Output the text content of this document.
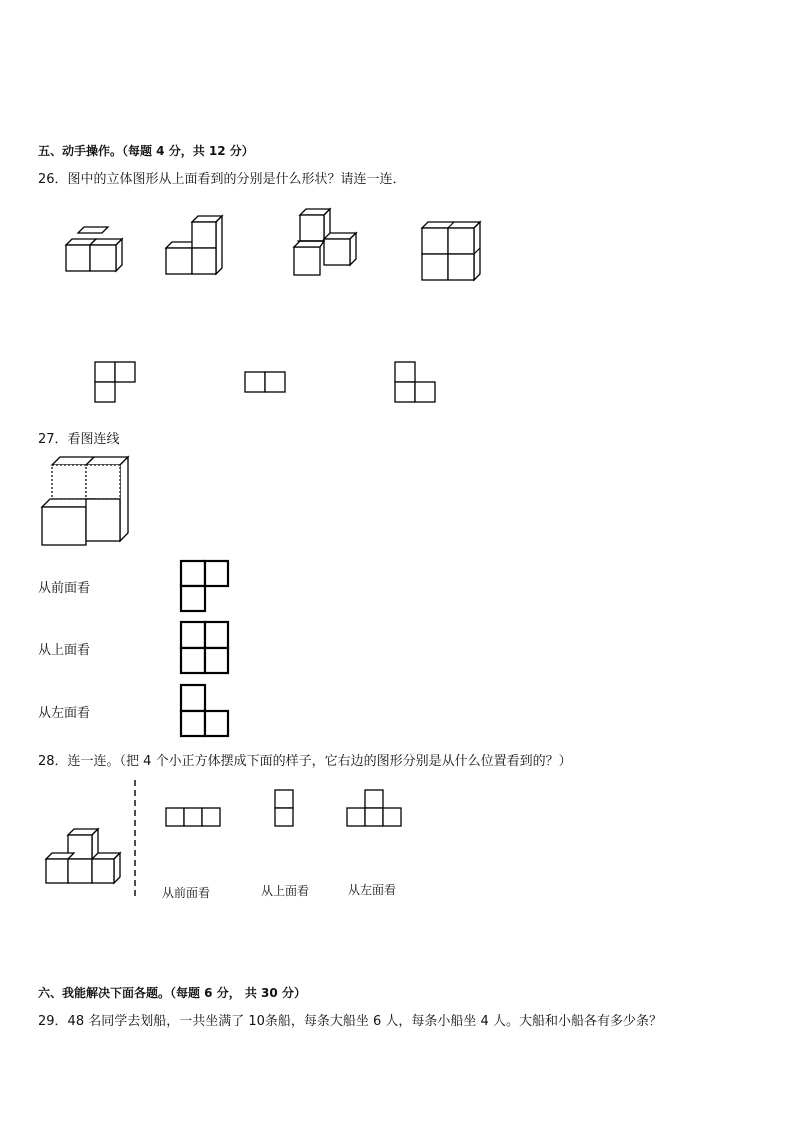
五、动手操作。（每题 4 分，共 12 分）
26．图中的立体图形从上面看到的分别是什么形状？请连一连．
27．看图连线
从前面看
从上面看
从左面看
28．连一连。（把 4 个小正方体摆成下面的样子，它右边的图形分别是从什么位置看到的？）
从前面看	从上面看	从左面看
六、我能解决下面各题。（每题 6 分， 共 30 分）
29．48 名同学去划船，一共坐满了 10条船，每条大船坐 6 人，每条小船坐 4 人。大船和小船各有多少条？
